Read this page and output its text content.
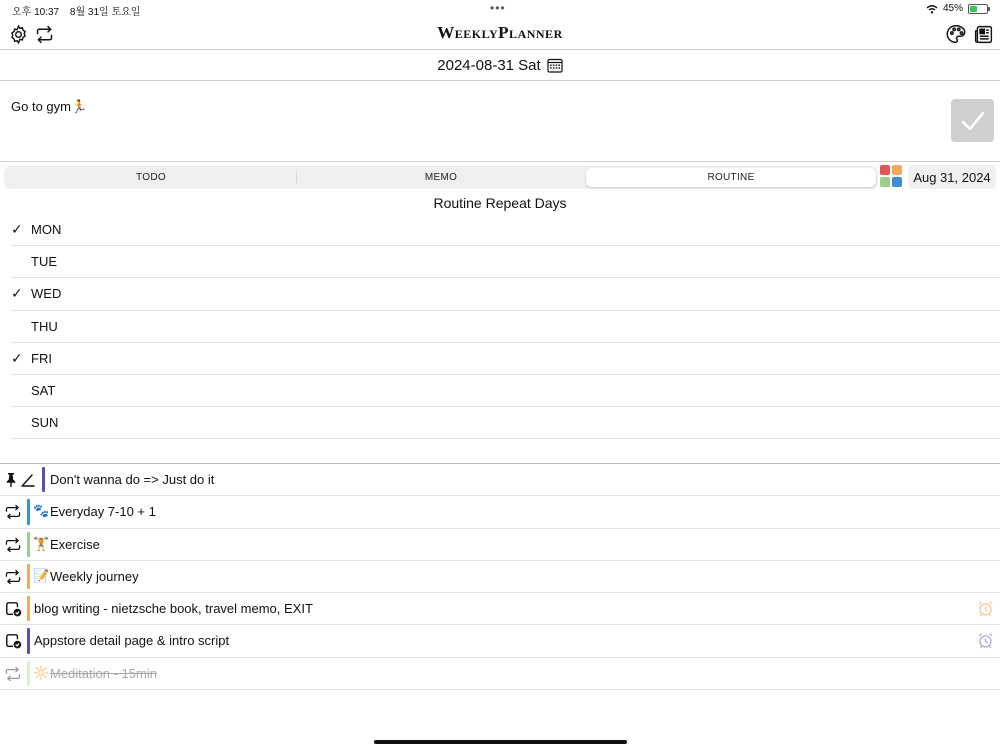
오후 10:37 8월 31일 토요일	•••	45%
WeeklyPlanner
2024-08-31 Sat
Go to gym🏃
TODO	MEMO	ROUTINE	Aug 31, 2024
Routine Repeat Days
✓ MON
TUE
✓ WED
THU
✓ FRI
SAT
SUN
Don't wanna do => Just do it
🐾 Everyday 7-10 + 1
🏋 Exercise
📝 Weekly journey
blog writing - nietzsche book, travel memo, EXIT
Appstore detail page & intro script
🔆 Meditation - 15min
